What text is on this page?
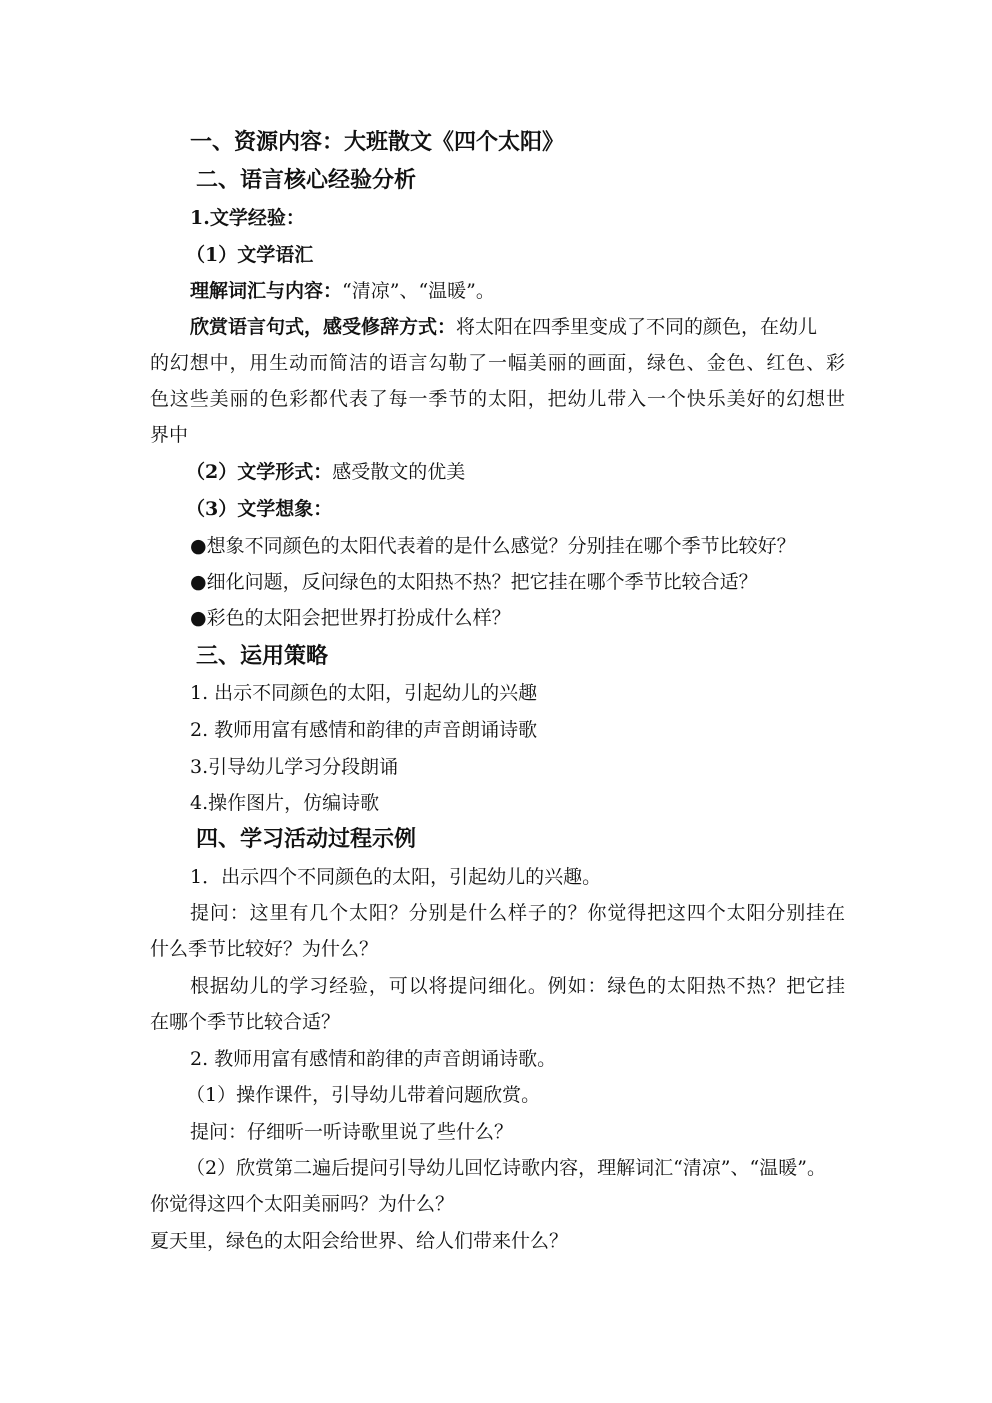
一、资源内容：大班散文《四个太阳》
二、语言核心经验分析
1.文学经验：
（1）文学语汇
理解词汇与内容：“清凉”、“温暖”。
欣赏语言句式，感受修辞方式：将太阳在四季里变成了不同的颜色，在幼儿
的幻想中，用生动而简洁的语言勾勒了一幅美丽的画面，绿色、金色、红色、彩
色这些美丽的色彩都代表了每一季节的太阳，把幼儿带入一个快乐美好的幻想世
界中
（2）文学形式：感受散文的优美
（3）文学想象：
●想象不同颜色的太阳代表着的是什么感觉？分别挂在哪个季节比较好？
●细化问题，反问绿色的太阳热不热？把它挂在哪个季节比较合适？
●彩色的太阳会把世界打扮成什么样？
三、运用策略
1. 出示不同颜色的太阳，引起幼儿的兴趣
2. 教师用富有感情和韵律的声音朗诵诗歌
3.引导幼儿学习分段朗诵
4.操作图片，仿编诗歌
四、学习活动过程示例
1．出示四个不同颜色的太阳，引起幼儿的兴趣。
提问：这里有几个太阳？分别是什么样子的？你觉得把这四个太阳分别挂在
什么季节比较好？为什么？
根据幼儿的学习经验，可以将提问细化。例如：绿色的太阳热不热？把它挂
在哪个季节比较合适？
2. 教师用富有感情和韵律的声音朗诵诗歌。
（1）操作课件，引导幼儿带着问题欣赏。
提问：仔细听一听诗歌里说了些什么？
（2）欣赏第二遍后提问引导幼儿回忆诗歌内容，理解词汇“清凉”、“温暖”。
你觉得这四个太阳美丽吗？为什么？
夏天里，绿色的太阳会给世界、给人们带来什么？
